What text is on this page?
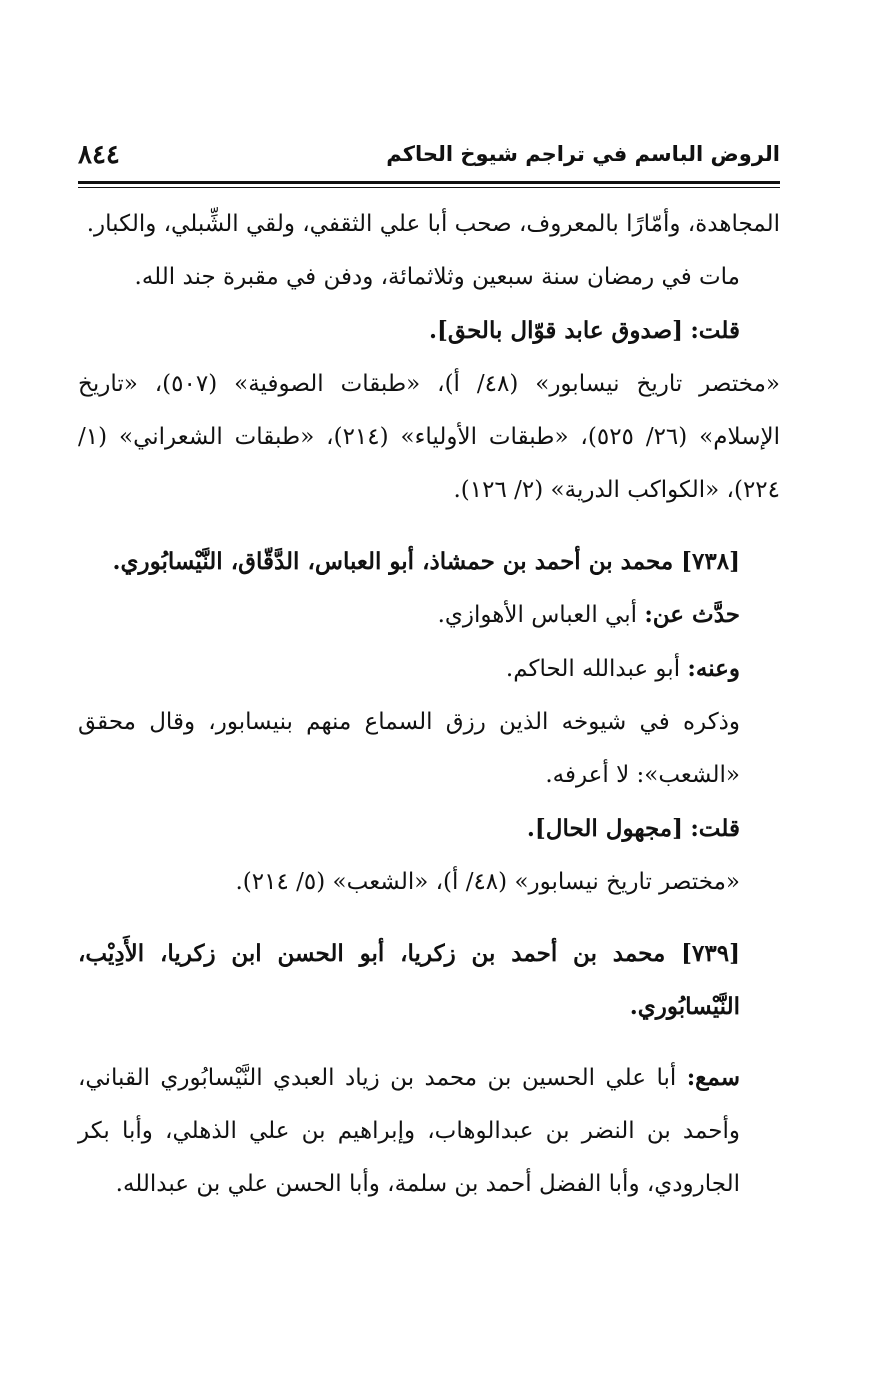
الروض الباسم في تراجم شيوخ الحاكم
٨٤٤

المجاهدة، وأمّارًا بالمعروف، صحب أبا علي الثقفي، ولقي الشِّبلي، والكبار.

مات في رمضان سنة سبعين وثلاثمائة، ودفن في مقبرة جند الله.

قلت: [صدوق عابد قوّال بالحق].

«مختصر تاريخ نيسابور» (٤٨/ أ)، «طبقات الصوفية» (٥٠٧)، «تاريخ الإسلام» (٢٦/ ٥٢٥)، «طبقات الأولياء» (٢١٤)، «طبقات الشعراني» (١/ ٢٢٤)، «الكواكب الدرية» (٢/ ١٢٦).

[٧٣٨] محمد بن أحمد بن حمشاذ، أبو العباس، الدَّقّاق، النَّيْسابُوري.

حدَّث عن: أبي العباس الأهوازي.

وعنه: أبو عبدالله الحاكم.

وذكره في شيوخه الذين رزق السماع منهم بنيسابور، وقال محقق «الشعب»: لا أعرفه.

قلت: [مجهول الحال].

«مختصر تاريخ نيسابور» (٤٨/ أ)، «الشعب» (٥/ ٢١٤).

[٧٣٩] محمد بن أحمد بن زكريا، أبو الحسن ابن زكريا، الأَدِيْب، النَّيْسابُوري.

سمع: أبا علي الحسين بن محمد بن زياد العبدي النَّيْسابُوري القباني، وأحمد بن النضر بن عبدالوهاب، وإبراهيم بن علي الذهلي، وأبا بكر الجارودي، وأبا الفضل أحمد بن سلمة، وأبا الحسن علي بن عبدالله.
